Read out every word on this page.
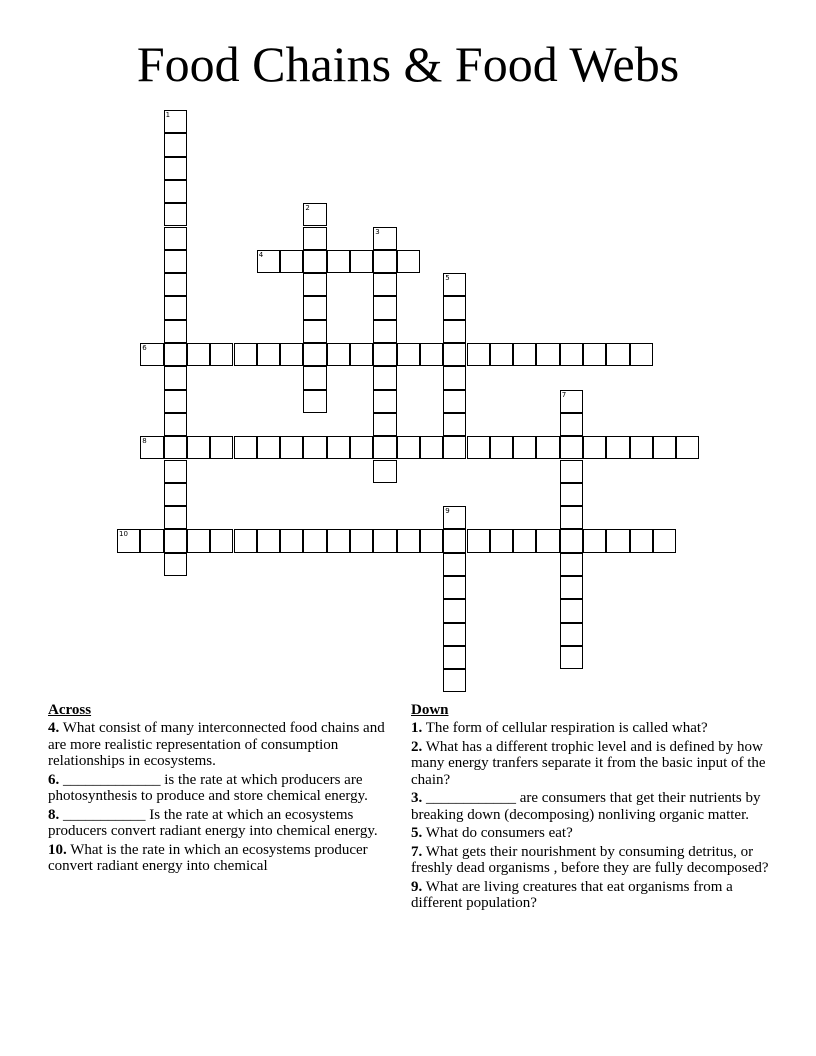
Food Chains & Food Webs
1
2
3
4
5
6
7
8
9
10
Across
4. What consist of many interconnected food chains and are more realistic representation of consumption relationships in ecosystems.
6. _____________ is the rate at which producers are photosynthesis to produce and store chemical energy.
8. ___________ Is the rate at which an ecosystems producers convert radiant energy into chemical energy.
10. What is the rate in which an ecosystems producer convert radiant energy into chemical
Down
1. The form of cellular respiration is called what?
2. What has a different trophic level and is defined by how many energy tranfers separate it from the basic input of the chain?
3. ____________ are consumers that get their nutrients by breaking down (decomposing) nonliving organic matter.
5. What do consumers eat?
7. What gets their nourishment by consuming detritus, or freshly dead organisms , before they are fully decomposed?
9. What are living creatures that eat organisms from a different population?
